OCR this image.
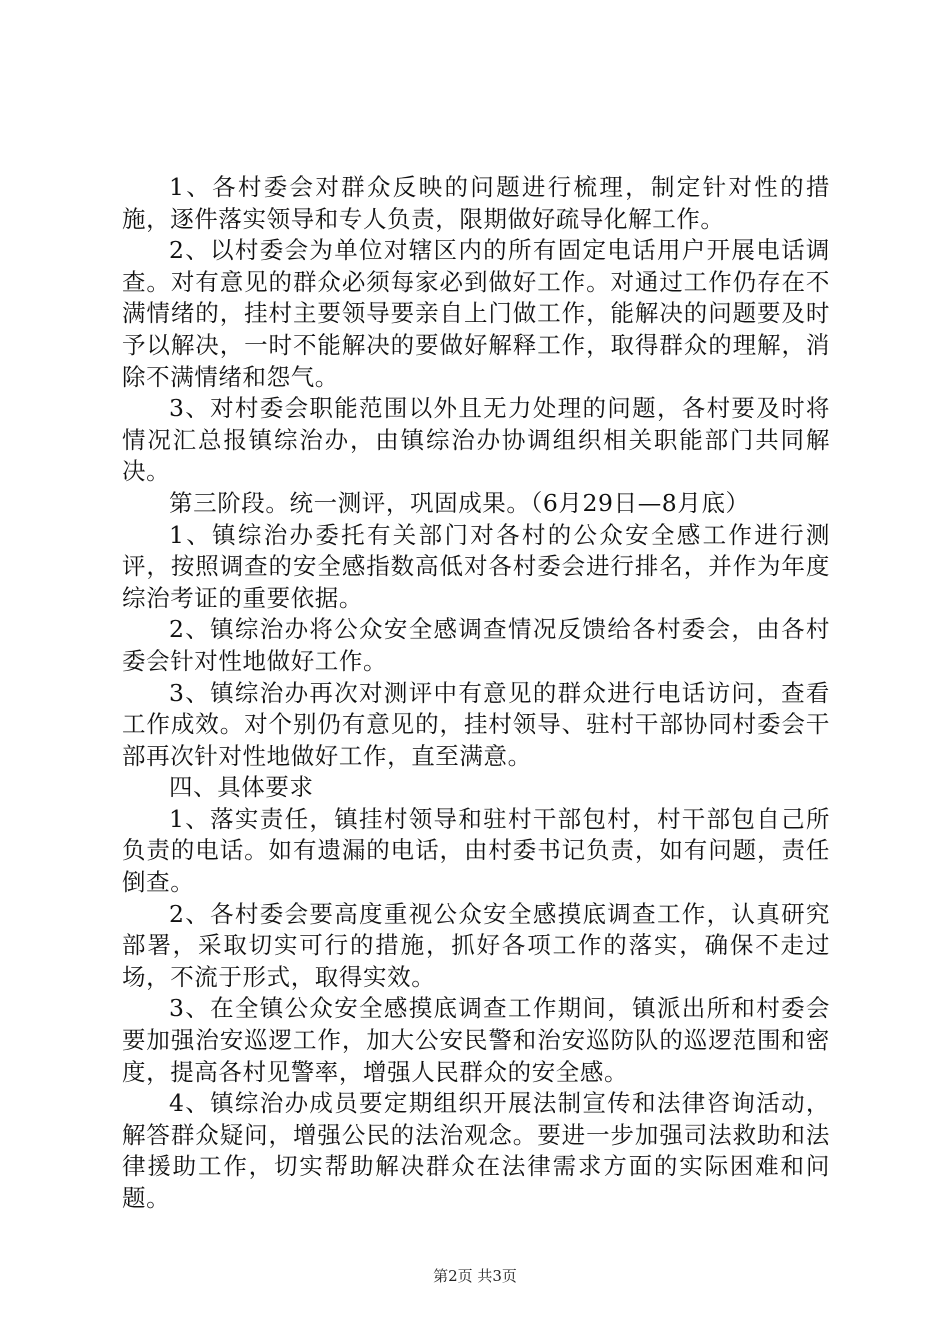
1、各村委会对群众反映的问题进行梳理，制定针对性的措施，逐件落实领导和专人负责，限期做好疏导化解工作。

2、以村委会为单位对辖区内的所有固定电话用户开展电话调查。对有意见的群众必须每家必到做好工作。对通过工作仍存在不满情绪的，挂村主要领导要亲自上门做工作，能解决的问题要及时予以解决，一时不能解决的要做好解释工作，取得群众的理解，消除不满情绪和怨气。

3、对村委会职能范围以外且无力处理的问题，各村要及时将情况汇总报镇综治办，由镇综治办协调组织相关职能部门共同解决。

第三阶段。统一测评，巩固成果。（6月29日—8月底）

1、镇综治办委托有关部门对各村的公众安全感工作进行测评，按照调查的安全感指数高低对各村委会进行排名，并作为年度综治考证的重要依据。

2、镇综治办将公众安全感调查情况反馈给各村委会，由各村委会针对性地做好工作。

3、镇综治办再次对测评中有意见的群众进行电话访问，查看工作成效。对个别仍有意见的，挂村领导、驻村干部协同村委会干部再次针对性地做好工作，直至满意。

四、具体要求

1、落实责任，镇挂村领导和驻村干部包村，村干部包自己所负责的电话。如有遗漏的电话，由村委书记负责，如有问题，责任倒查。

2、各村委会要高度重视公众安全感摸底调查工作，认真研究部署，采取切实可行的措施，抓好各项工作的落实，确保不走过场，不流于形式，取得实效。

3、在全镇公众安全感摸底调查工作期间，镇派出所和村委会要加强治安巡逻工作，加大公安民警和治安巡防队的巡逻范围和密度，提高各村见警率，增强人民群众的安全感。

4、镇综治办成员要定期组织开展法制宣传和法律咨询活动，解答群众疑问，增强公民的法治观念。要进一步加强司法救助和法律援助工作，切实帮助解决群众在法律需求方面的实际困难和问题。

第2页 共3页
